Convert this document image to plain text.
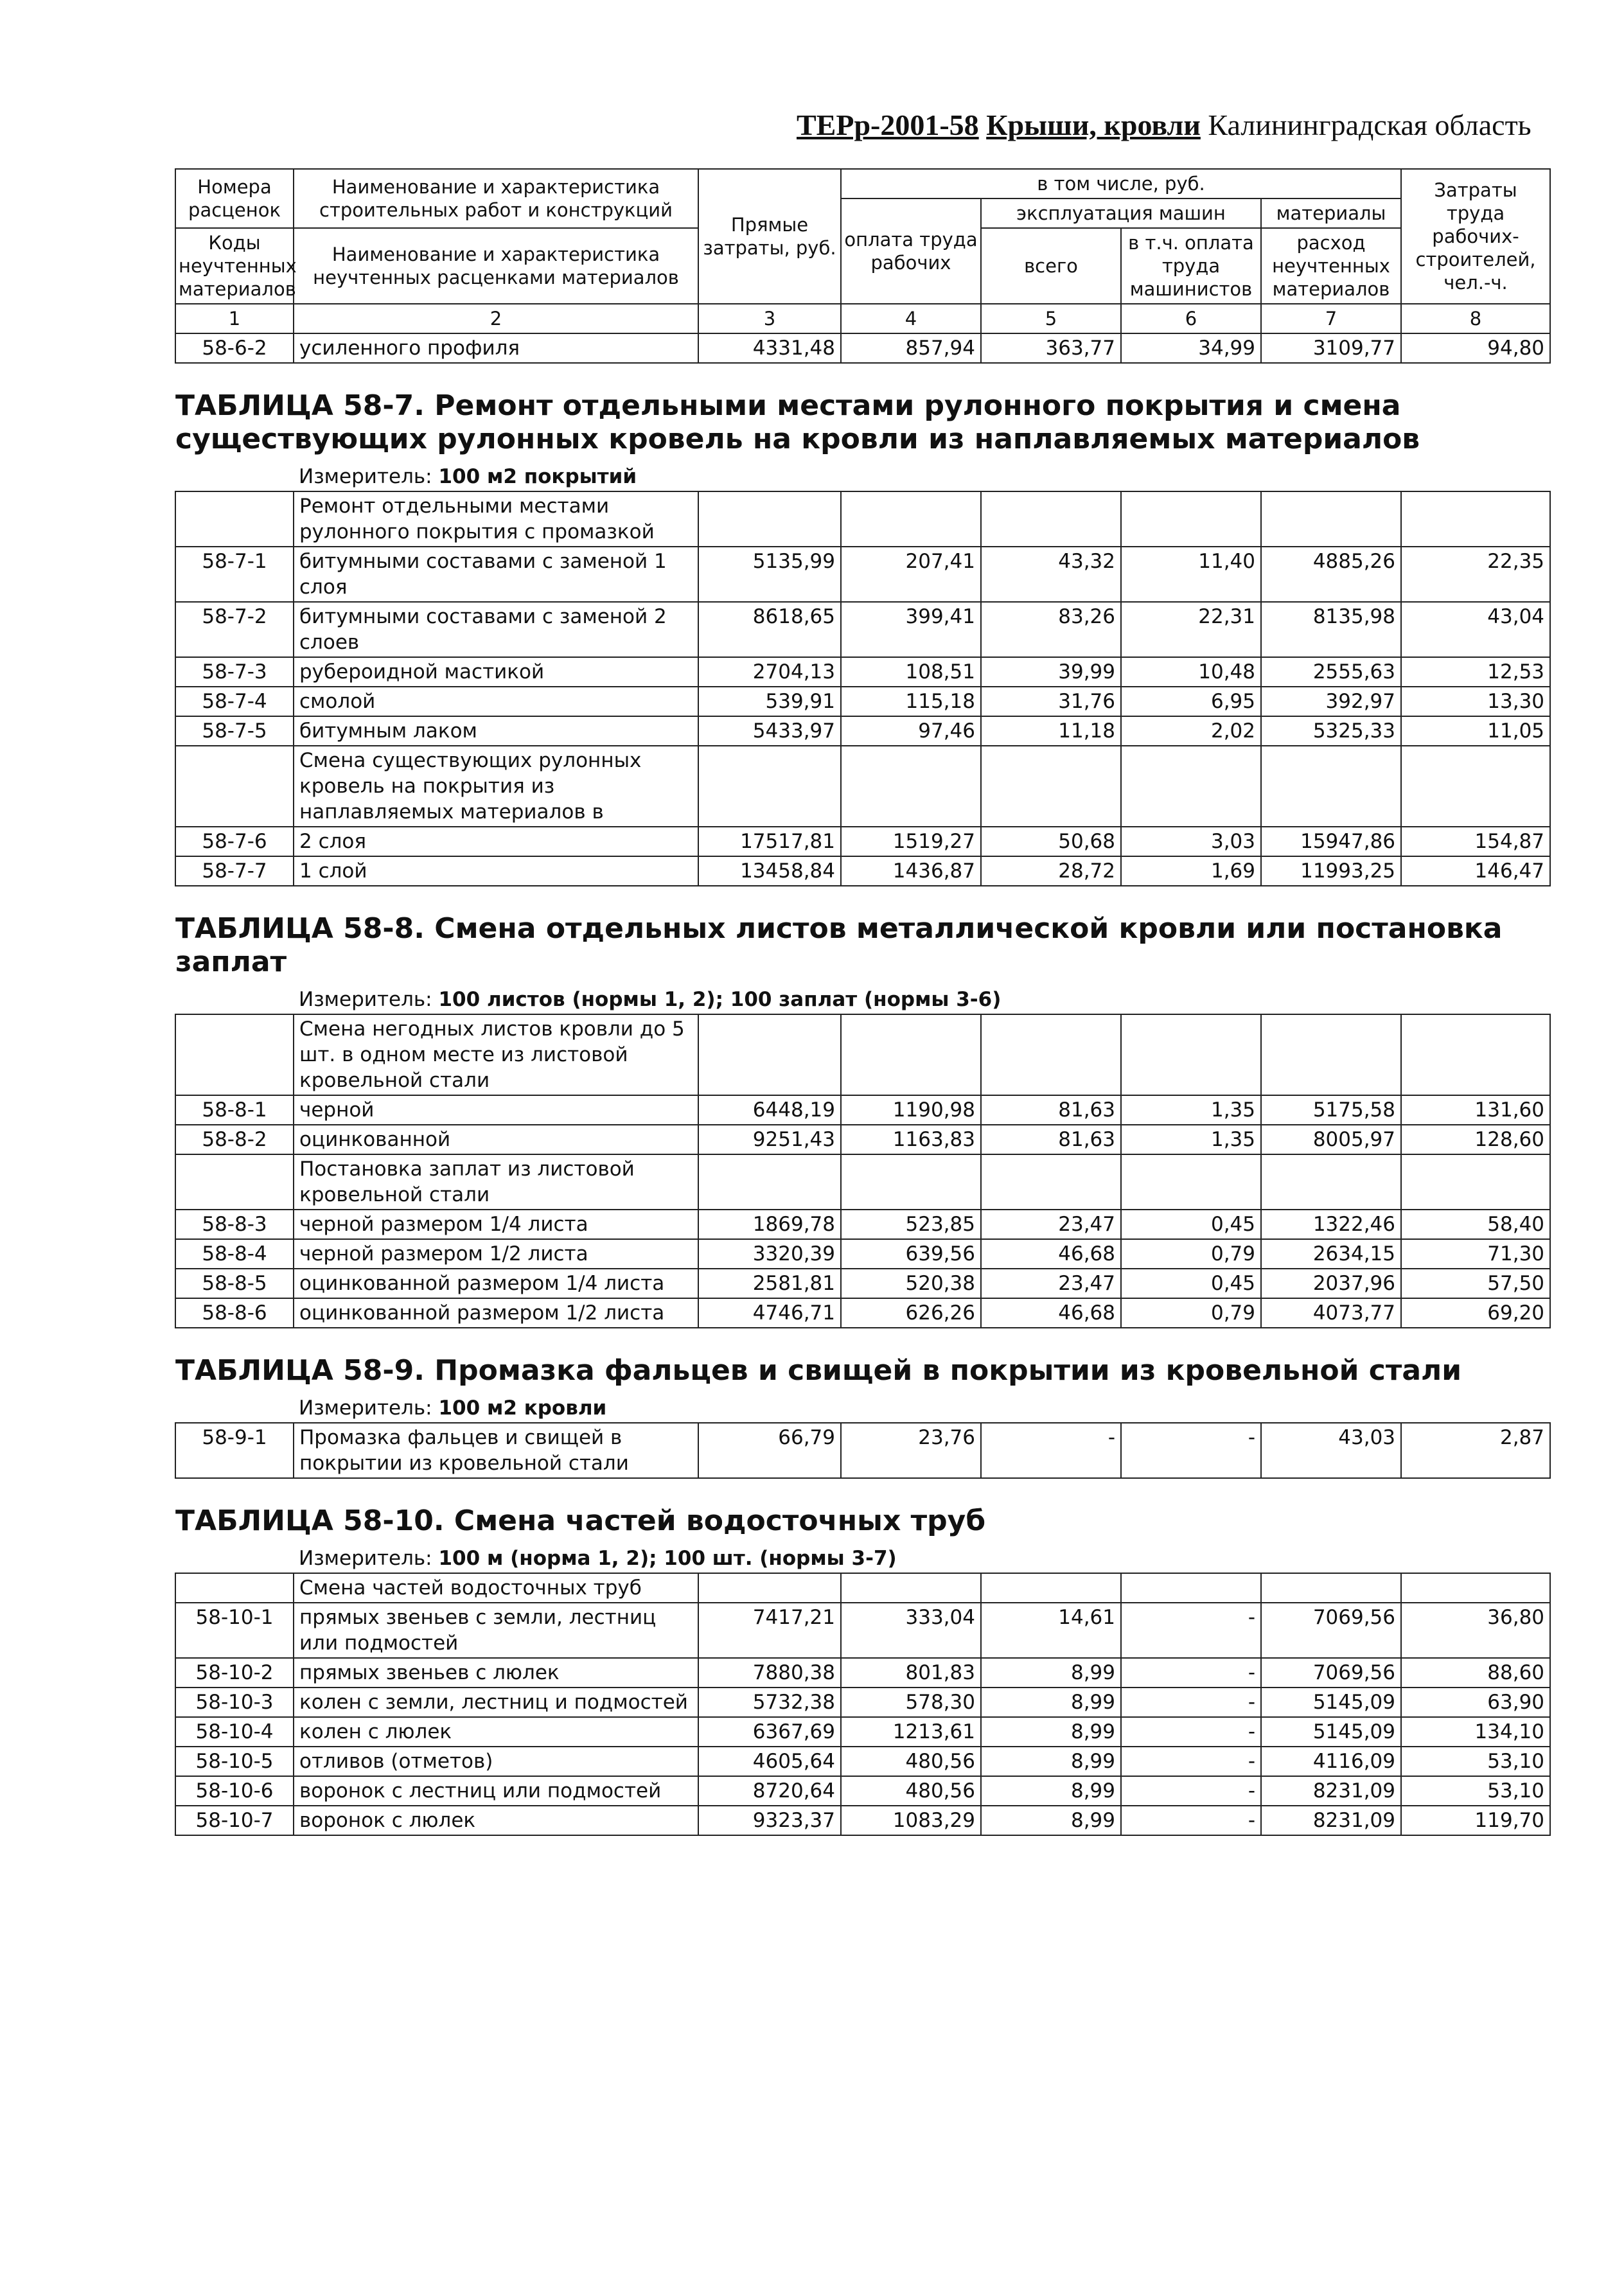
ТЕРр-2001-58 Крыши, кровли Калининградская область
Номера расценок	Наименование и характеристика строительных работ и конструкций	Прямые затраты, руб.	в том числе, руб.				Затраты труда рабочих-строителей, чел.-ч.
			оплата труда рабочих	эксплуатация машин		материалы	
Коды неучтенных материалов	Наименование и характеристика неучтенных расценками материалов			всего	в т.ч. оплата труда машинистов	расход неучтенных материалов	

1	2	3	4	5	6	7	8
58-6-2	усиленного профиля	4331,48	857,94	363,77	34,99	3109,77	94,80
ТАБЛИЦА 58-7. Ремонт отдельными местами рулонного покрытия и смена существующих рулонных кровель на кровли из наплавляемых материалов							
	Измеритель: 100 м2 покрытий						
	Ремонт отдельными местами рулонного покрытия с промазкой						
58-7-1	битумными составами с заменой 1 слоя	5135,99	207,41	43,32	11,40	4885,26	22,35
58-7-2	битумными составами с заменой 2 слоев	8618,65	399,41	83,26	22,31	8135,98	43,04
58-7-3	рубероидной мастикой	2704,13	108,51	39,99	10,48	2555,63	12,53
58-7-4	смолой	539,91	115,18	31,76	6,95	392,97	13,30
58-7-5	битумным лаком	5433,97	97,46	11,18	2,02	5325,33	11,05
	Смена существующих рулонных кровель на покрытия из наплавляемых материалов в						
58-7-6	2 слоя	17517,81	1519,27	50,68	3,03	15947,86	154,87
58-7-7	1 слой	13458,84	1436,87	28,72	1,69	11993,25	146,47
ТАБЛИЦА 58-8. Смена отдельных листов металлической кровли или постановка заплат							
	Измеритель: 100 листов (нормы 1, 2); 100 заплат (нормы 3-6)						
	Смена негодных листов кровли до 5 шт. в одном месте из листовой кровельной стали						
58-8-1	черной	6448,19	1190,98	81,63	1,35	5175,58	131,60
58-8-2	оцинкованной	9251,43	1163,83	81,63	1,35	8005,97	128,60
	Постановка заплат из листовой кровельной стали						
58-8-3	черной размером 1/4 листа	1869,78	523,85	23,47	0,45	1322,46	58,40
58-8-4	черной размером 1/2 листа	3320,39	639,56	46,68	0,79	2634,15	71,30
58-8-5	оцинкованной размером 1/4 листа	2581,81	520,38	23,47	0,45	2037,96	57,50
58-8-6	оцинкованной размером 1/2 листа	4746,71	626,26	46,68	0,79	4073,77	69,20
ТАБЛИЦА 58-9. Промазка фальцев и свищей в покрытии из кровельной стали							
	Измеритель: 100 м2 кровли						
58-9-1	Промазка фальцев и свищей в покрытии из кровельной стали	66,79	23,76	-	-	43,03	2,87
ТАБЛИЦА 58-10. Смена частей водосточных труб							
	Измеритель: 100 м (норма 1, 2); 100 шт. (нормы 3-7)						
	Смена частей водосточных труб						
58-10-1	прямых звеньев с земли, лестниц или подмостей	7417,21	333,04	14,61	-	7069,56	36,80
58-10-2	прямых звеньев с люлек	7880,38	801,83	8,99	-	7069,56	88,60
58-10-3	колен с земли, лестниц и подмостей	5732,38	578,30	8,99	-	5145,09	63,90
58-10-4	колен с люлек	6367,69	1213,61	8,99	-	5145,09	134,10
58-10-5	отливов (отметов)	4605,64	480,56	8,99	-	4116,09	53,10
58-10-6	воронок с лестниц или подмостей	8720,64	480,56	8,99	-	8231,09	53,10
58-10-7	воронок с люлек	9323,37	1083,29	8,99	-	8231,09	119,70
